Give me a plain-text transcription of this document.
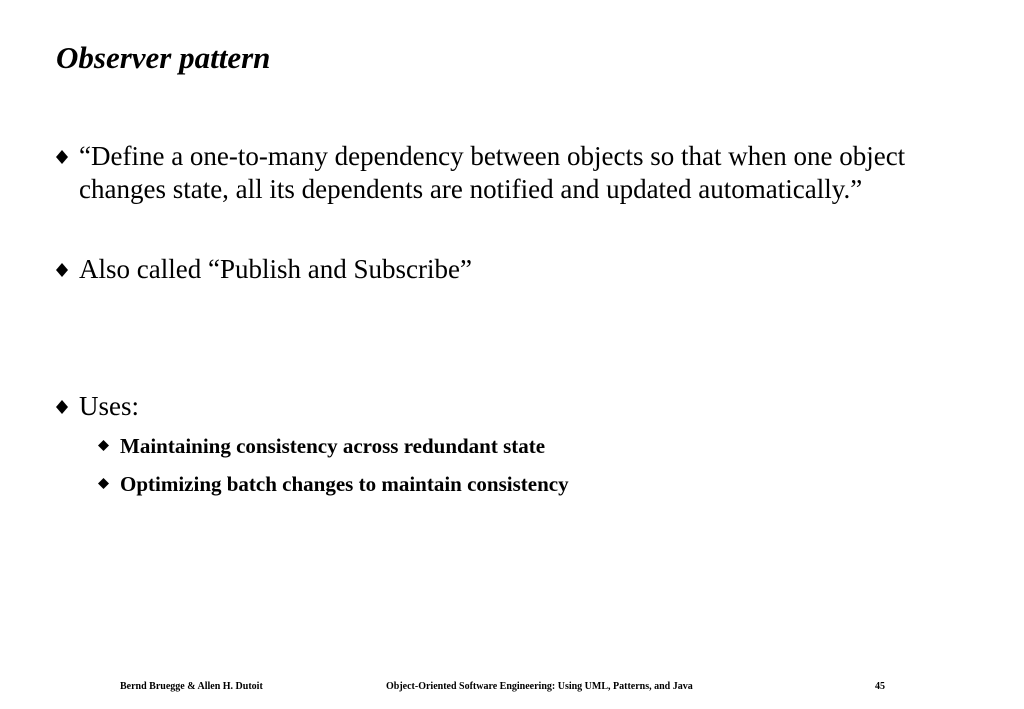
Observer pattern
“Define a one-to-many dependency between objects so that when one object changes state, all its dependents are notified and updated automatically.”
Also called “Publish and Subscribe”
Uses:
Maintaining consistency across redundant state
Optimizing batch changes to maintain consistency
Bernd Bruegge & Allen H. Dutoit	Object-Oriented Software Engineering: Using UML, Patterns, and Java	45
